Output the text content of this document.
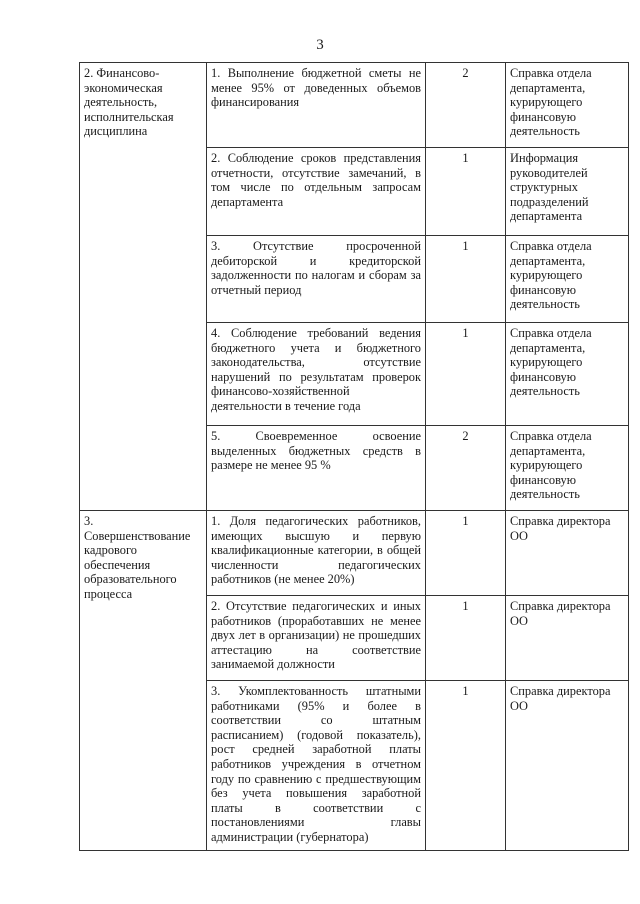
3
2. Финансово-экономическая деятельность, исполнительская дисциплина	1. Выполнение бюджетной сметы не менее 95% от доведенных объемов финансирования	2	Справка отдела департамента, курирующего финансовую деятельность
	2. Соблюдение сроков представления отчетности, отсутствие замечаний, в том числе по отдельным запросам департамента	1	Информация руководителей структурных подразделений департамента
	3. Отсутствие просроченной дебиторской и кредиторской задолженности по налогам и сборам за отчетный период	1	Справка отдела департамента, курирующего финансовую деятельность
	4. Соблюдение требований ведения бюджетного учета и бюджетного законодательства, отсутствие нарушений по результатам проверок финансово-хозяйственной деятельности в течение года	1	Справка отдела департамента, курирующего финансовую деятельность
	5. Своевременное освоение выделенных бюджетных средств в размере не менее 95 %	2	Справка отдела департамента, курирующего финансовую деятельность
3. Совершенствование кадрового обеспечения образовательного процесса	1. Доля педагогических работников, имеющих высшую и первую квалификационные категории, в общей численности педагогических работников (не менее 20%)	1	Справка директора ОО
	2. Отсутствие педагогических и иных работников (проработавших не менее двух лет в организации) не прошедших аттестацию на соответствие занимаемой должности	1	Справка директора ОО
	3. Укомплектованность штатными работниками (95% и более в соответствии со штатным расписанием) (годовой показатель), рост средней заработной платы работников учреждения в отчетном году по сравнению с предшествующим без учета повышения заработной платы в соответствии с постановлениями главы администрации (губернатора)	1	Справка директора ОО
